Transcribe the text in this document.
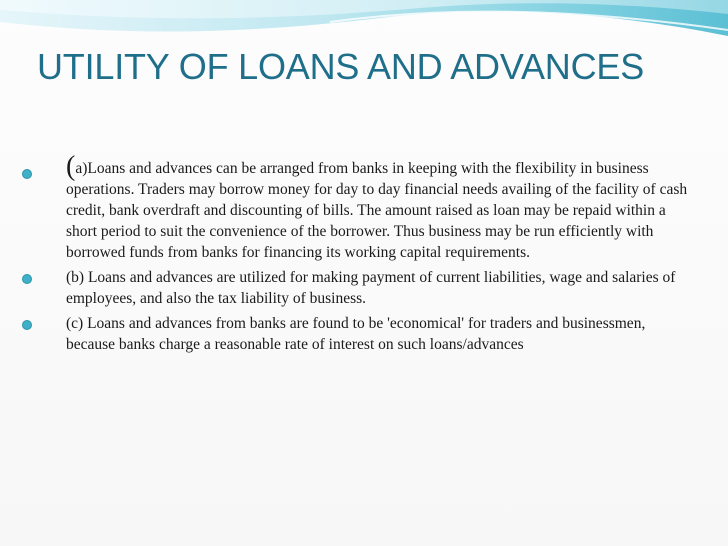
UTILITY OF LOANS AND ADVANCES
(a)Loans and advances can be arranged from banks in keeping with the flexibility in business operations. Traders may borrow money for day to day financial needs availing of the facility of cash credit, bank overdraft and discounting of bills. The amount raised as loan may be repaid within a short period to suit the convenience of the borrower. Thus business may be run efficiently with borrowed funds from banks for financing its working capital requirements.
(b) Loans and advances are utilized for making payment of current liabilities, wage and salaries of employees, and also the tax liability of business.
(c) Loans and advances from banks are found to be 'economical' for traders and businessmen, because banks charge a reasonable rate of interest on such loans/advances
